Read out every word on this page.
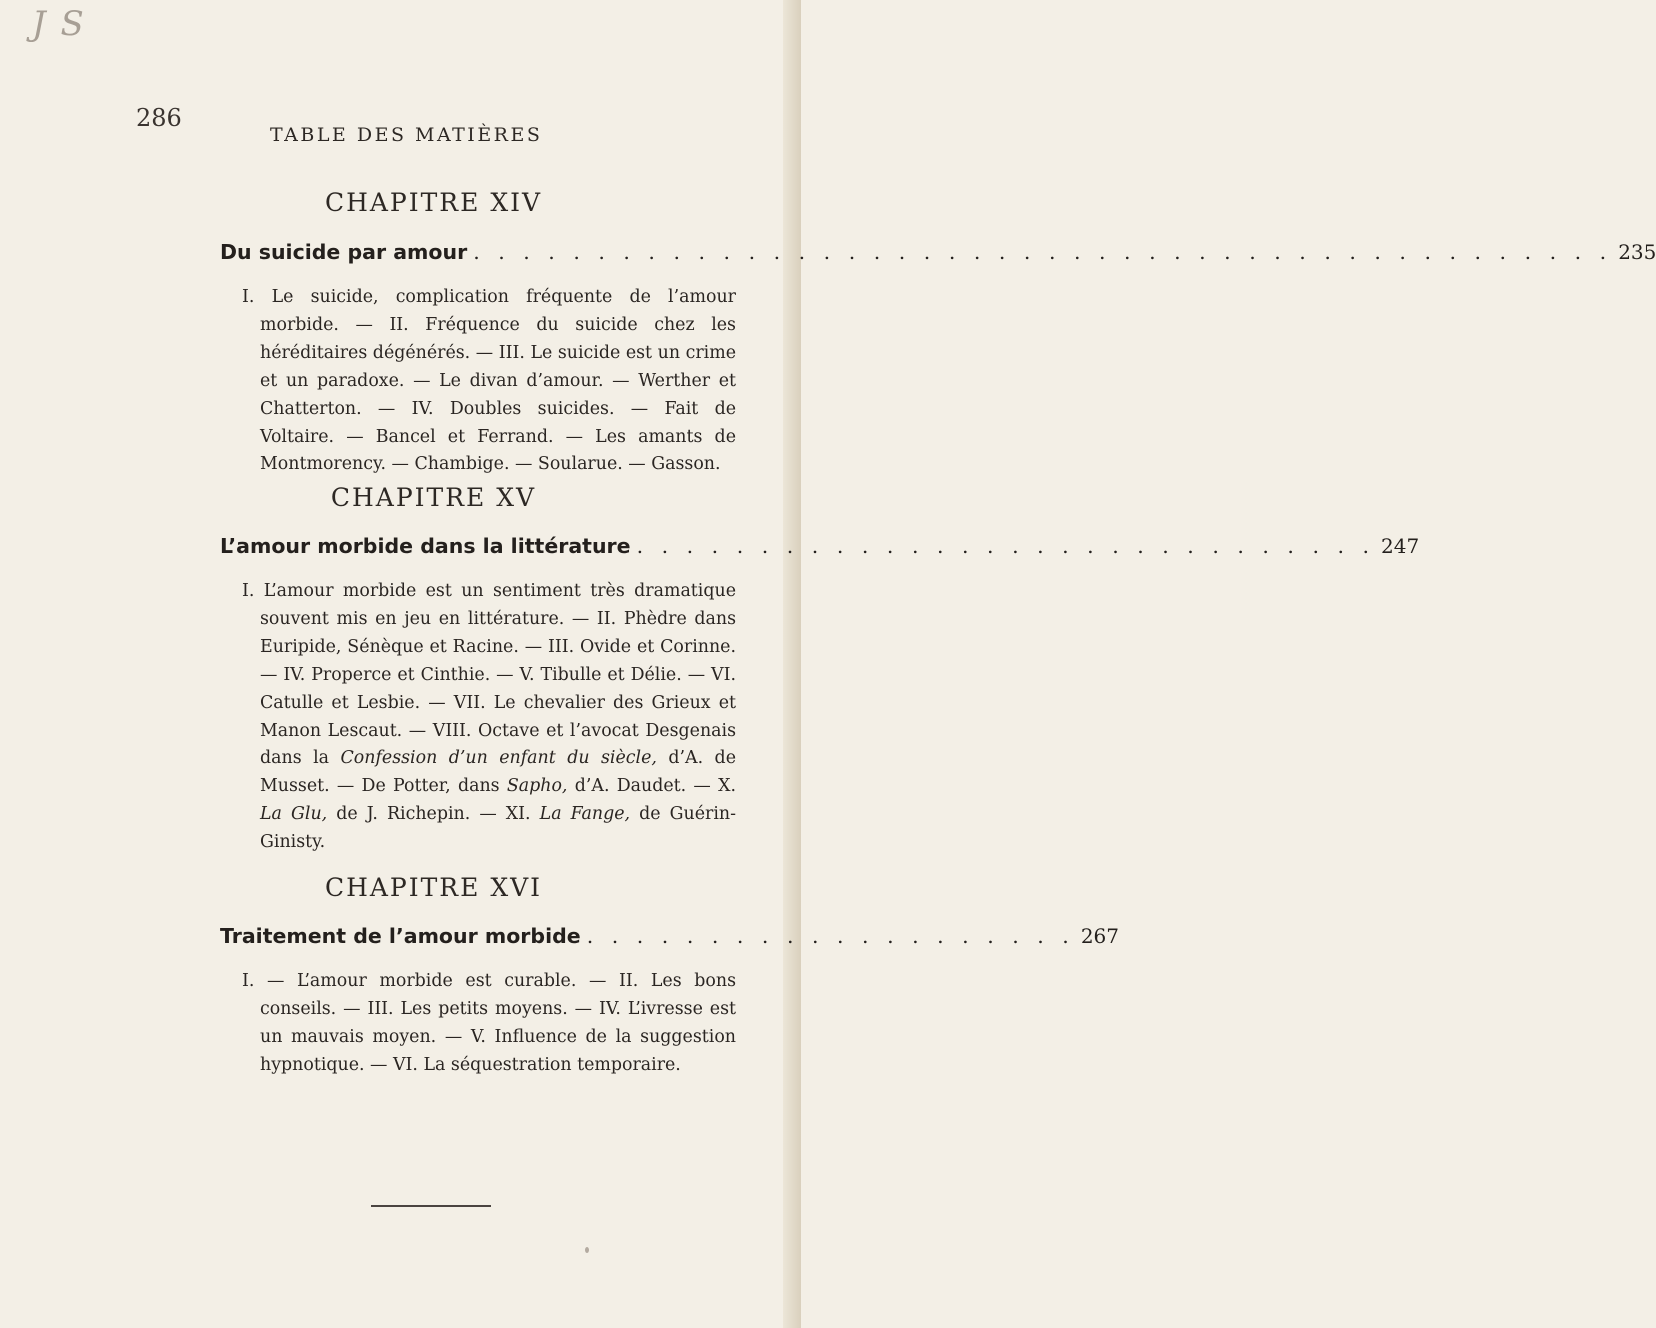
J S
286
TABLE DES MATIÈRES
CHAPITRE XIV
Du suicide par amour . . . . . . . . . . . . . . . . . . . . . . . . . . . . . . . . . . . . . . . . . . . . . . 235
I. Le suicide, complication fréquente de l’amour morbide. — II. Fréquence du suicide chez les héréditaires dégénérés. — III. Le suicide est un crime et un paradoxe. — Le divan d’amour. — Werther et Chatterton. — IV. Doubles suicides. — Fait de Voltaire. — Bancel et Ferrand. — Les amants de Montmorency. — Chambige. — Soularue. — Gasson.
CHAPITRE XV
L’amour morbide dans la littérature . . . . . . . . . . . . . . . . . . . . . . . . . . . . . . 247
I. L’amour morbide est un sentiment très dramatique souvent mis en jeu en littérature. — II. Phèdre dans Euripide, Sénèque et Racine. — III. Ovide et Corinne. — IV. Properce et Cinthie. — V. Tibulle et Délie. — VI. Catulle et Lesbie. — VII. Le chevalier des Grieux et Manon Lescaut. — VIII. Octave et l’avocat Desgenais dans la Confession d’un enfant du siècle, d’A. de Musset. — De Potter, dans Sapho, d’A. Daudet. — X. La Glu, de J. Richepin. — XI. La Fange, de Guérin-Ginisty.
CHAPITRE XVI
Traitement de l’amour morbide . . . . . . . . . . . . . . . . . . . . 267
I. — L’amour morbide est curable. — II. Les bons conseils. — III. Les petits moyens. — IV. L’ivresse est un mauvais moyen. — V. Influence de la suggestion hypnotique. — VI. La séquestration temporaire.
